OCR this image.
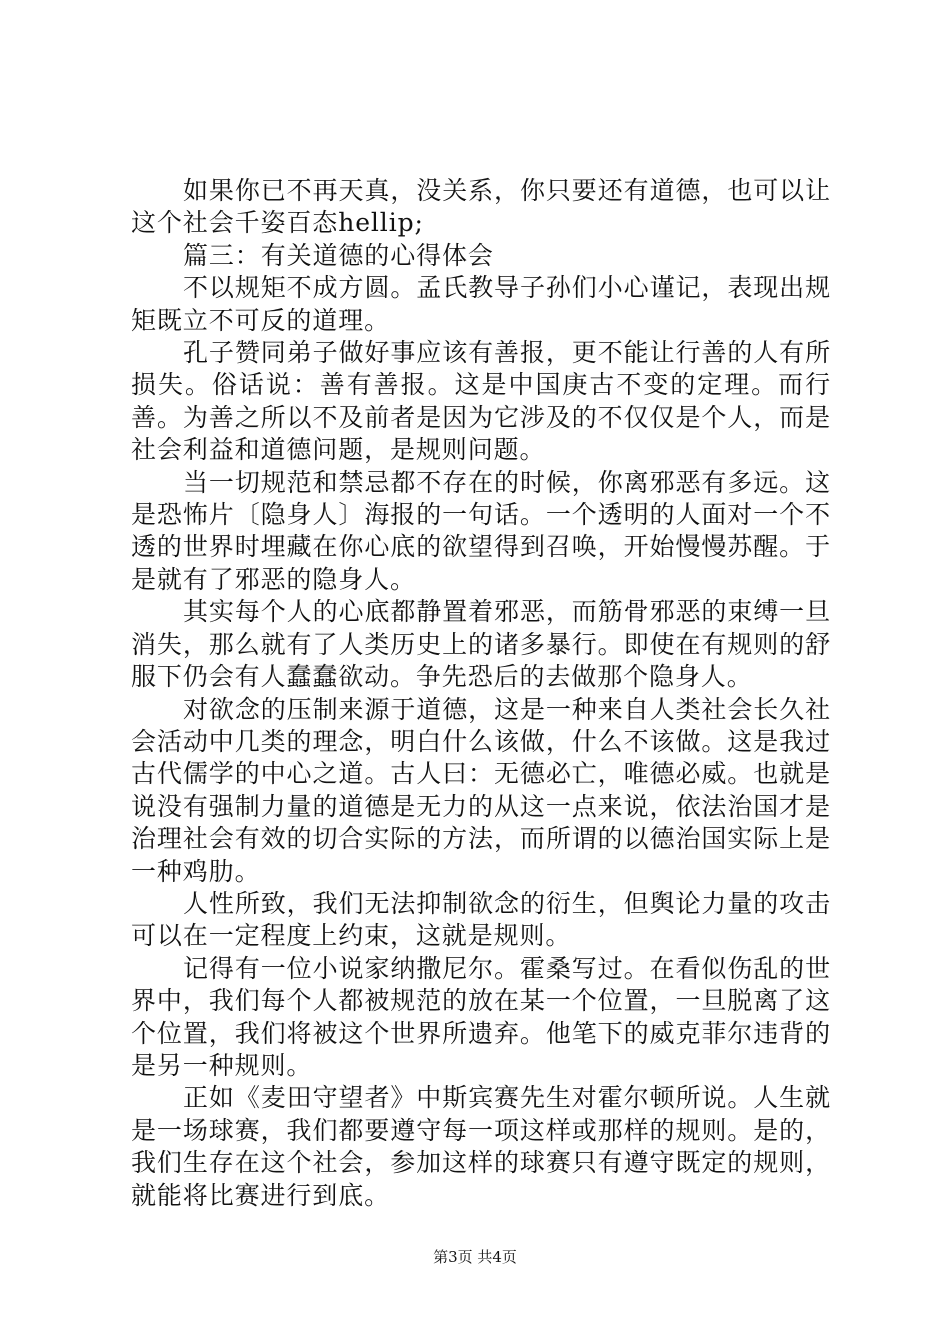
如果你已不再天真，没关系，你只要还有道德，也可以让这个社会千姿百态hellip;

篇三：有关道德的心得体会

不以规矩不成方圆。孟氏教导子孙们小心谨记，表现出规矩既立不可反的道理。

孔子赞同弟子做好事应该有善报，更不能让行善的人有所损失。俗话说：善有善报。这是中国庚古不变的定理。而行善。为善之所以不及前者是因为它涉及的不仅仅是个人，而是社会利益和道德问题，是规则问题。

当一切规范和禁忌都不存在的时候，你离邪恶有多远。这是恐怖片〔隐身人〕海报的一句话。一个透明的人面对一个不透的世界时埋藏在你心底的欲望得到召唤，开始慢慢苏醒。于是就有了邪恶的隐身人。

其实每个人的心底都静置着邪恶，而筋骨邪恶的束缚一旦消失，那么就有了人类历史上的诸多暴行。即使在有规则的舒服下仍会有人蠢蠢欲动。争先恐后的去做那个隐身人。

对欲念的压制来源于道德，这是一种来自人类社会长久社会活动中几类的理念，明白什么该做，什么不该做。这是我过古代儒学的中心之道。古人曰：无德必亡，唯德必威。也就是说没有强制力量的道德是无力的从这一点来说，依法治国才是治理社会有效的切合实际的方法，而所谓的以德治国实际上是一种鸡肋。

人性所致，我们无法抑制欲念的衍生，但舆论力量的攻击可以在一定程度上约束，这就是规则。

记得有一位小说家纳撒尼尔。霍桑写过。在看似伤乱的世界中，我们每个人都被规范的放在某一个位置，一旦脱离了这个位置，我们将被这个世界所遗弃。他笔下的威克菲尔违背的是另一种规则。

正如《麦田守望者》中斯宾赛先生对霍尔顿所说。人生就是一场球赛，我们都要遵守每一项这样或那样的规则。是的，我们生存在这个社会，参加这样的球赛只有遵守既定的规则，就能将比赛进行到底。

第3页 共4页
